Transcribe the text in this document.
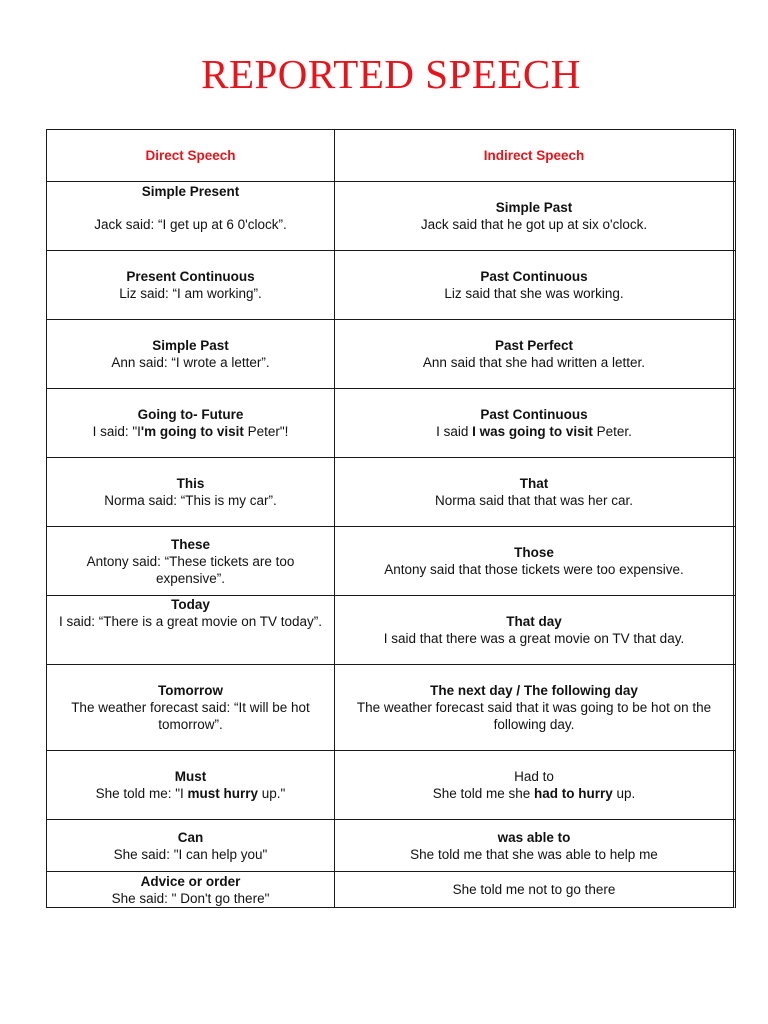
REPORTED SPEECH
Direct Speech	Indirect Speech
Simple Present
Jack said: “I get up at 6 0'clock”.
Simple Past
Jack said that he got up at six o'clock.
Present Continuous
Liz said: “I am working”.
Past Continuous
Liz said that she was working.
Simple Past
Ann said: “I wrote a letter”.
Past Perfect
Ann said that she had written a letter.
Going to- Future
I said: "I'm going to visit Peter"!
Past Continuous
I said I was going to visit Peter.
This
Norma said: “This is my car”.
That
Norma said that that was her car.
These
Antony said: “These tickets are too expensive”.
Those
Antony said that those tickets were too expensive.
Today
I said: “There is a great movie on TV today”.	That day
I said that there was a great movie on TV that day.
Tomorrow
The weather forecast said: “It will be hot tomorrow”.
The next day / The following day
The weather forecast said that it was going to be hot on the following day.
Must
She told me: "I must hurry up."
Had to
She told me she had to hurry up.
Can
She said: "I can help you"
was able to
She told me that she was able to help me
Advice or order
She said: " Don't go there"
She told me not to go there
